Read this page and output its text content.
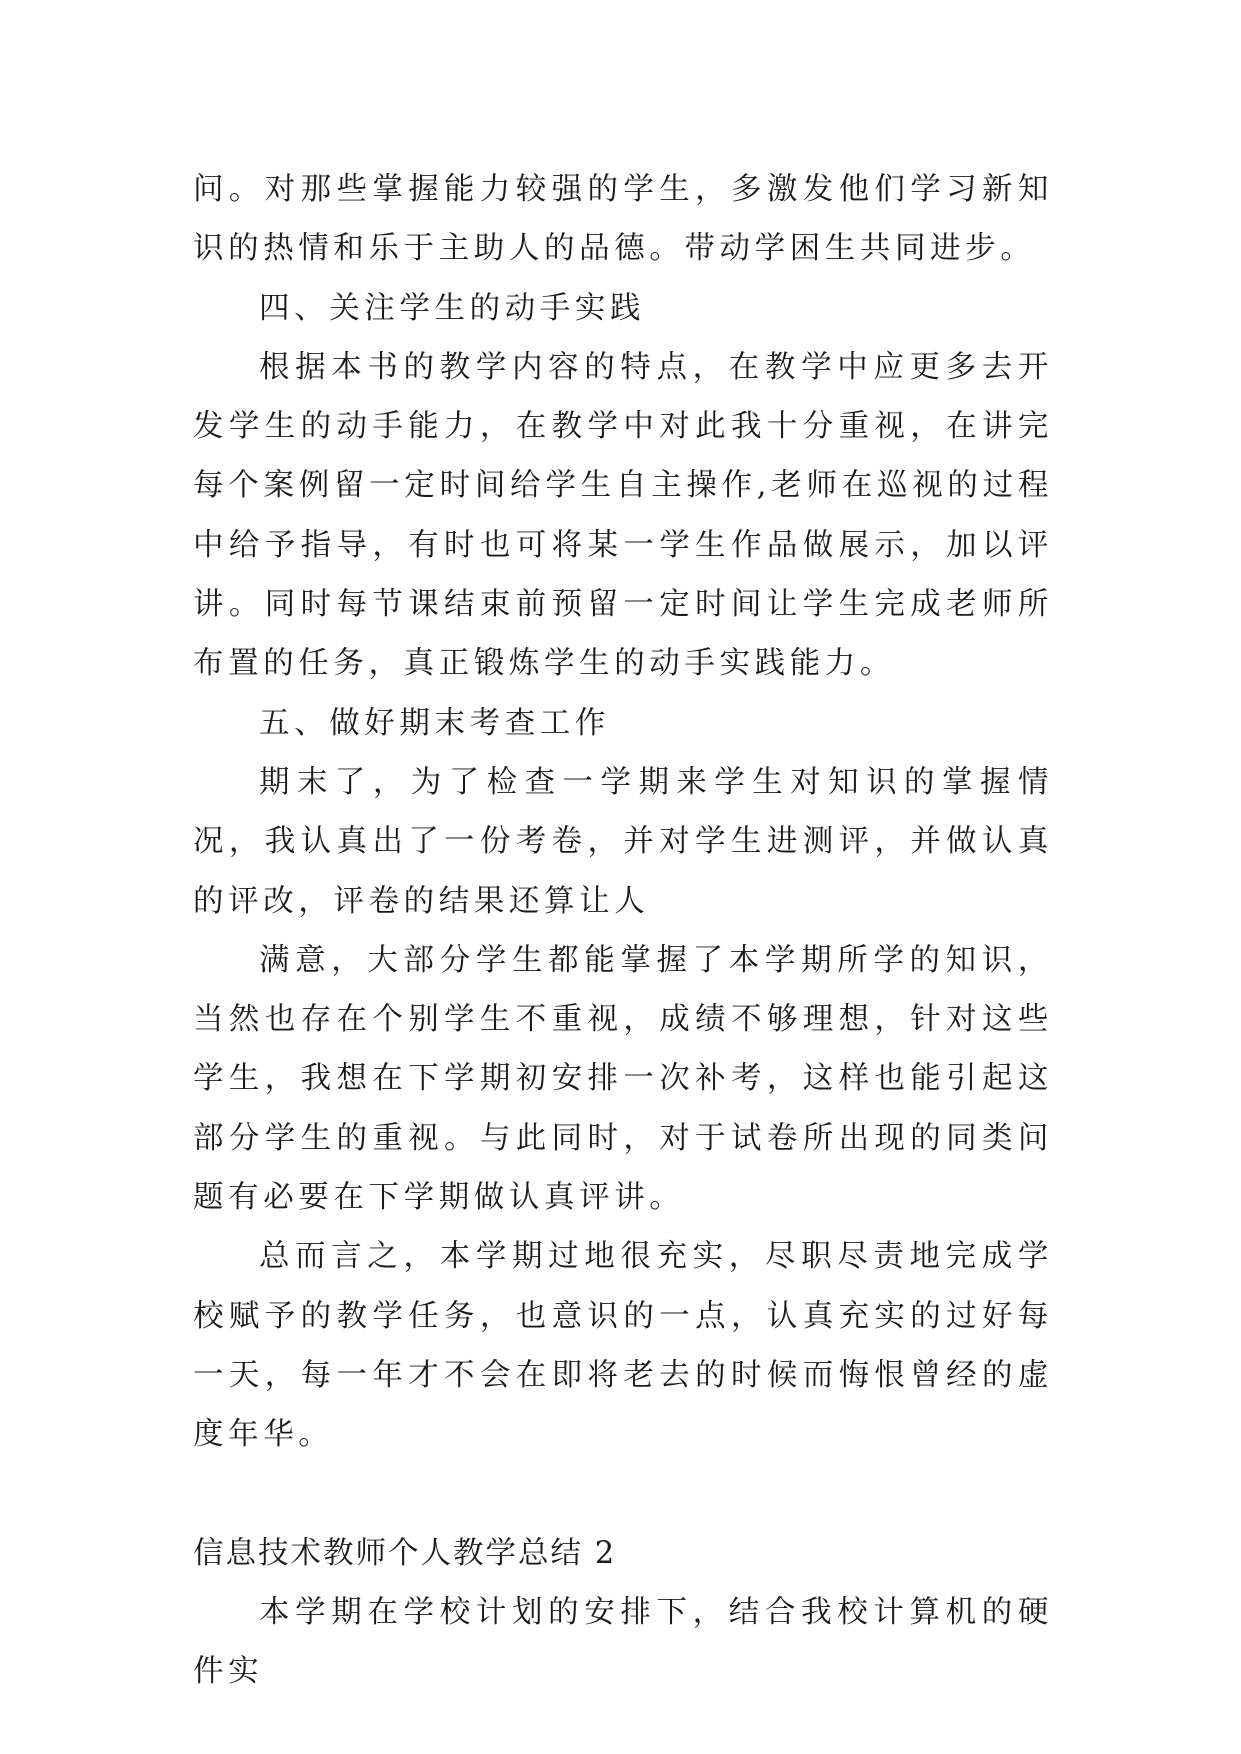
问。对那些掌握能力较强的学生，多激发他们学习新知识的热情和乐于主助人的品德。带动学困生共同进步。

四、关注学生的动手实践

根据本书的教学内容的特点，在教学中应更多去开发学生的动手能力，在教学中对此我十分重视，在讲完每个案例留一定时间给学生自主操作,老师在巡视的过程中给予指导，有时也可将某一学生作品做展示，加以评讲。同时每节课结束前预留一定时间让学生完成老师所布置的任务，真正锻炼学生的动手实践能力。

五、做好期末考查工作

期末了，为了检查一学期来学生对知识的掌握情况，我认真出了一份考卷，并对学生进测评，并做认真的评改，评卷的结果还算让人

满意，大部分学生都能掌握了本学期所学的知识，当然也存在个别学生不重视，成绩不够理想，针对这些学生，我想在下学期初安排一次补考，这样也能引起这部分学生的重视。与此同时，对于试卷所出现的同类问题有必要在下学期做认真评讲。

总而言之，本学期过地很充实，尽职尽责地完成学校赋予的教学任务，也意识的一点，认真充实的过好每一天，每一年才不会在即将老去的时候而悔恨曾经的虚度年华。

信息技术教师个人教学总结 2

本学期在学校计划的安排下，结合我校计算机的硬件实
